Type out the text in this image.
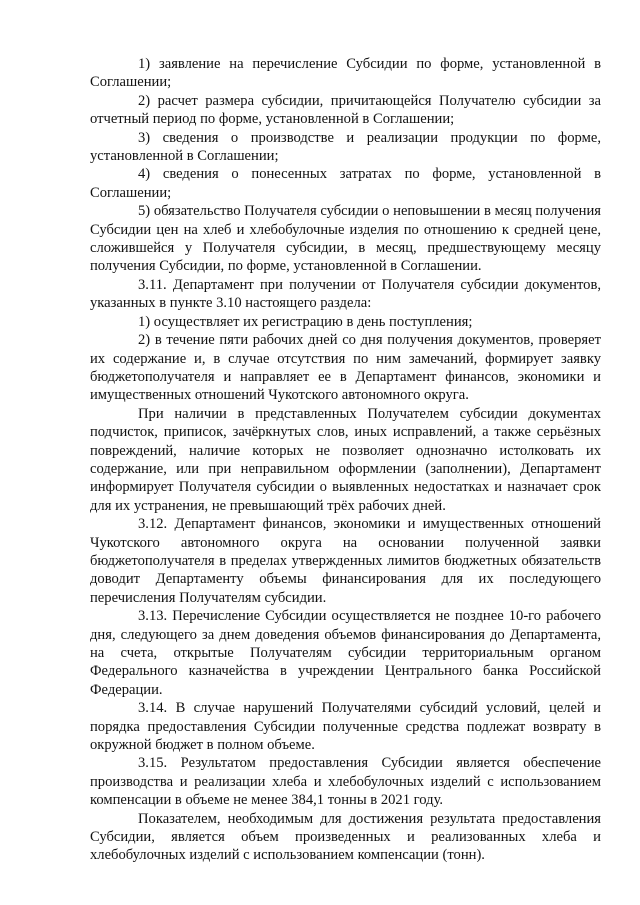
1) заявление на перечисление Субсидии по форме, установленной в Соглашении;

2) расчет размера субсидии, причитающейся Получателю субсидии за отчетный период по форме, установленной в Соглашении;

3) сведения о производстве и реализации продукции по форме, установленной в Соглашении;

4) сведения о понесенных затратах по форме, установленной в Соглашении;

5) обязательство Получателя субсидии о неповышении в месяц получения Субсидии цен на хлеб и хлебобулочные изделия по отношению к средней цене, сложившейся у Получателя субсидии, в месяц, предшествующему месяцу получения Субсидии, по форме, установленной в Соглашении.

3.11. Департамент при получении от Получателя субсидии документов, указанных в пункте 3.10 настоящего раздела:

1) осуществляет их регистрацию в день поступления;

2) в течение пяти рабочих дней со дня получения документов, проверяет их содержание и, в случае отсутствия по ним замечаний, формирует заявку бюджетополучателя и направляет ее в Департамент финансов, экономики и имущественных отношений Чукотского автономного округа.

При наличии в представленных Получателем субсидии документах подчисток, приписок, зачёркнутых слов, иных исправлений, а также серьёзных повреждений, наличие которых не позволяет однозначно истолковать их содержание, или при неправильном оформлении (заполнении), Департамент информирует Получателя субсидии о выявленных недостатках и назначает срок для их устранения, не превышающий трёх рабочих дней.

3.12. Департамент финансов, экономики и имущественных отношений Чукотского автономного округа на основании полученной заявки бюджетополучателя в пределах утвержденных лимитов бюджетных обязательств доводит Департаменту объемы финансирования для их последующего перечисления Получателям субсидии.

3.13. Перечисление Субсидии осуществляется не позднее 10-го рабочего дня, следующего за днем доведения объемов финансирования до Департамента, на счета, открытые Получателям субсидии территориальным органом Федерального казначейства в учреждении Центрального банка Российской Федерации.

3.14. В случае нарушений Получателями субсидий условий, целей и порядка предоставления Субсидии полученные средства подлежат возврату в окружной бюджет в полном объеме.

3.15. Результатом предоставления Субсидии является обеспечение производства и реализации хлеба и хлебобулочных изделий с использованием компенсации в объеме не менее 384,1 тонны в 2021 году.

Показателем, необходимым для достижения результата предоставления Субсидии, является объем произведенных и реализованных хлеба и хлебобулочных изделий с использованием компенсации (тонн).
